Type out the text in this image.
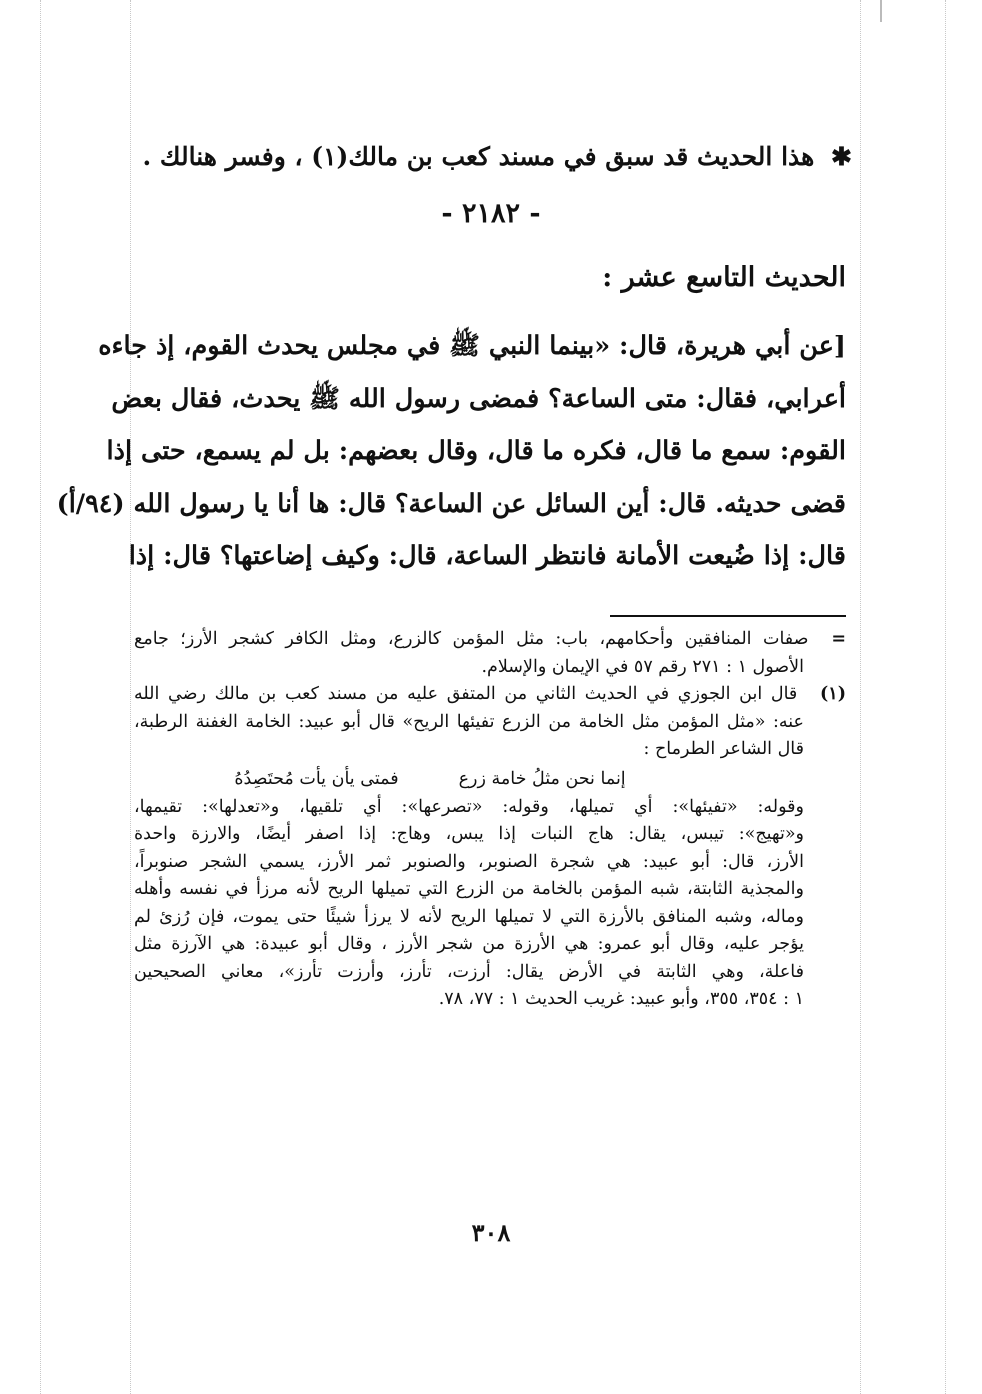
✱ هذا الحديث قد سبق في مسند كعب بن مالك(١) ، وفسر هنالك .
- ٢١٨٢ -
الحديث التاسع عشر :
[عن أبي هريرة، قال: «بينما النبي ﷺ في مجلس يحدث القوم، إذ جاءه
أعرابي، فقال: متى الساعة؟ فمضى رسول الله ﷺ يحدث، فقال بعض
القوم: سمع ما قال، فكره ما قال، وقال بعضهم: بل لم يسمع، حتى إذا
قضى حديثه. قال: أين السائل عن الساعة؟ قال: ها أنا يا رسول الله (٩٤/أ)
قال: إذا ضُيعت الأمانة فانتظر الساعة، قال: وكيف إضاعتها؟ قال: إذا
= صفات المنافقين وأحكامهم، باب: مثل المؤمن كالزرع، ومثل الكافر كشجر الأرز؛ جامع
الأصول ١ : ٢٧١ رقم ٥٧ في الإيمان والإسلام.
(١) قال ابن الجوزي في الحديث الثاني من المتفق عليه من مسند كعب بن مالك رضي الله
عنه: «مثل المؤمن مثل الخامة من الزرع تفيئها الريح» قال أبو عبيد: الخامة الغفنة الرطبة،
قال الشاعر الطرماح :
إنما نحن مثلُ خامة زرع
فمتى يأن يأت مُحتَصِدُهُ
وقوله: «تفيئها»: أي تميلها، وقوله: «تصرعها»: أي تلقيها، و«تعدلها»: تقيمها،
و«تهيج»: تيبس، يقال: هاج النبات إذا يبس، وهاج: إذا اصفر أيضًا، والارزة واحدة
الأرز، قال: أبو عبيد: هي شجرة الصنوبر، والصنوبر ثمر الأرز، يسمي الشجر صنوبراً،
والمجذية الثابتة، شبه المؤمن بالخامة من الزرع التي تميلها الريح لأنه مرزأ في نفسه وأهله
وماله، وشبه المنافق بالأرزة التي لا تميلها الريح لأنه لا يرزأ شيئًا حتى يموت، فإن رُزئ لم
يؤجر عليه، وقال أبو عمرو: هي الأرزة من شجر الأرز ، وقال أبو عبيدة: هي الآرزة مثل
فاعلة، وهي الثابتة في الأرض يقال: أرزت، تأرز، وأرزت تأرز»، معاني الصحيحين
١ : ٣٥٤، ٣٥٥، وأبو عبيد: غريب الحديث ١ : ٧٧، ٧٨.
٣٠٨
